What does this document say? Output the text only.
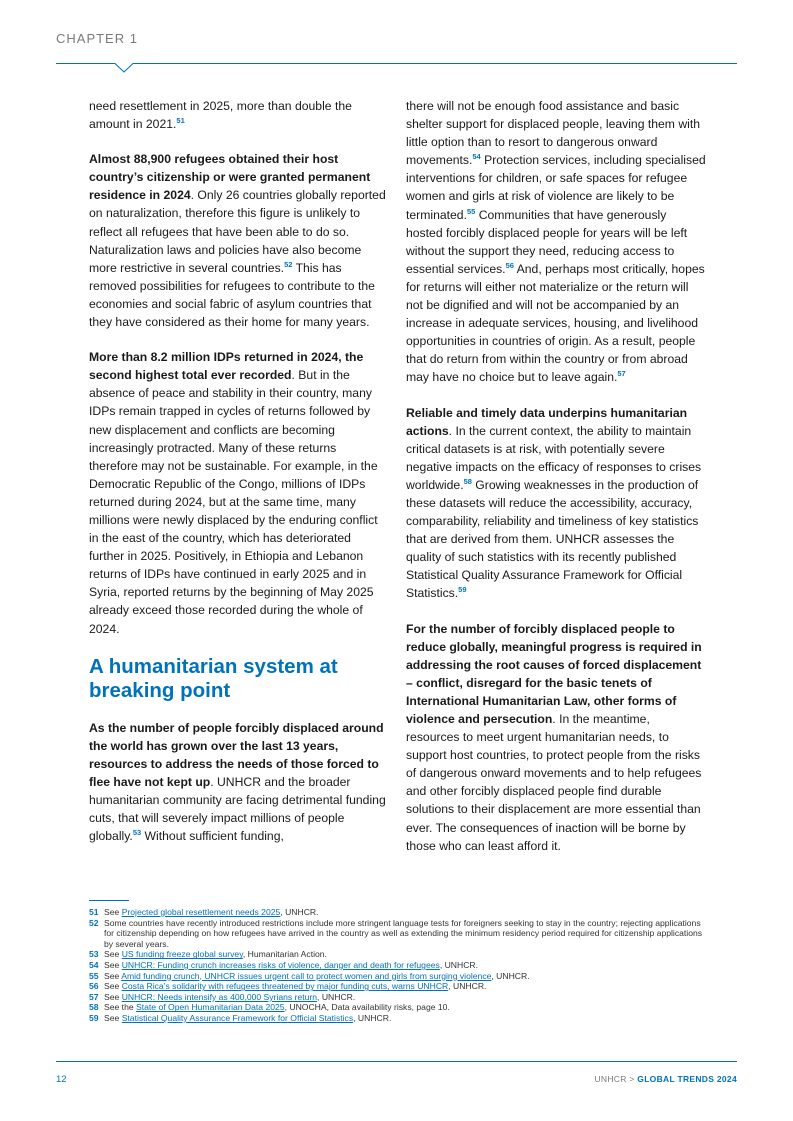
CHAPTER 1

need resettlement in 2025, more than double the amount in 2021.51

Almost 88,900 refugees obtained their host country’s citizenship or were granted permanent residence in 2024. Only 26 countries globally reported on naturalization, therefore this figure is unlikely to reflect all refugees that have been able to do so. Naturalization laws and policies have also become more restrictive in several countries.$^{52}$ This has removed possibilities for refugees to contribute to the economies and social fabric of asylum countries that they have considered as their home for many years.

More than 8.2 million IDPs returned in 2024, the second highest total ever recorded. But in the absence of peace and stability in their country, many IDPs remain trapped in cycles of returns followed by new displacement and conflicts are becoming increasingly protracted. Many of these returns therefore may not be sustainable. For example, in the Democratic Republic of the Congo, millions of IDPs returned during 2024, but at the same time, many millions were newly displaced by the enduring conflict in the east of the country, which has deteriorated further in 2025. Positively, in Ethiopia and Lebanon returns of IDPs have continued in early 2025 and in Syria, reported returns by the beginning of May 2025 already exceed those recorded during the whole of 2024.

A humanitarian system at breaking point

As the number of people forcibly displaced around the world has grown over the last 13 years, resources to address the needs of those forced to flee have not kept up. UNHCR and the broader humanitarian community are facing detrimental funding cuts, that will severely impact millions of people globally.$^{53}$ Without sufficient funding,

there will not be enough food assistance and basic shelter support for displaced people, leaving them with little option than to resort to dangerous onward movements.$^{54}$ Protection services, including specialised interventions for children, or safe spaces for refugee women and girls at risk of violence are likely to be terminated.$^{55}$ Communities that have generously hosted forcibly displaced people for years will be left without the support they need, reducing access to essential services.$^{56}$ And, perhaps most critically, hopes for returns will either not materialize or the return will not be dignified and will not be accompanied by an increase in adequate services, housing, and livelihood opportunities in countries of origin. As a result, people that do return from within the country or from abroad may have no choice but to leave again.$^{57}$

Reliable and timely data underpins humanitarian actions. In the current context, the ability to maintain critical datasets is at risk, with potentially severe negative impacts on the efficacy of responses to crises worldwide.$^{58}$ Growing weaknesses in the production of these datasets will reduce the accessibility, accuracy, comparability, reliability and timeliness of key statistics that are derived from them. UNHCR assesses the quality of such statistics with its recently published Statistical Quality Assurance Framework for Official Statistics.$^{59}$

For the number of forcibly displaced people to reduce globally, meaningful progress is required in addressing the root causes of forced displacement – conflict, disregard for the basic tenets of International Humanitarian Law, other forms of violence and persecution. In the meantime, resources to meet urgent humanitarian needs, to support host countries, to protect people from the risks of dangerous onward movements and to help refugees and other forcibly displaced people find durable solutions to their displacement are more essential than ever. The consequences of inaction will be borne by those who can least afford it.

51 See Projected global resettlement needs 2025, UNHCR.
52 Some countries have recently introduced restrictions include more stringent language tests for foreigners seeking to stay in the country; rejecting applications for citizenship depending on how refugees have arrived in the country as well as extending the minimum residency period required for citizenship applications by several years.
53 See US funding freeze global survey, Humanitarian Action.
54 See UNHCR: Funding crunch increases risks of violence, danger and death for refugees, UNHCR.
55 See Amid funding crunch, UNHCR issues urgent call to protect women and girls from surging violence, UNHCR.
56 See Costa Rica’s solidarity with refugees threatened by major funding cuts, warns UNHCR, UNHCR.
57 See UNHCR: Needs intensify as 400,000 Syrians return, UNHCR.
58 See the State of Open Humanitarian Data 2025, UNOCHA, Data availability risks, page 10.
59 See Statistical Quality Assurance Framework for Official Statistics, UNHCR.
12	UNHCR > GLOBAL TRENDS 2024
